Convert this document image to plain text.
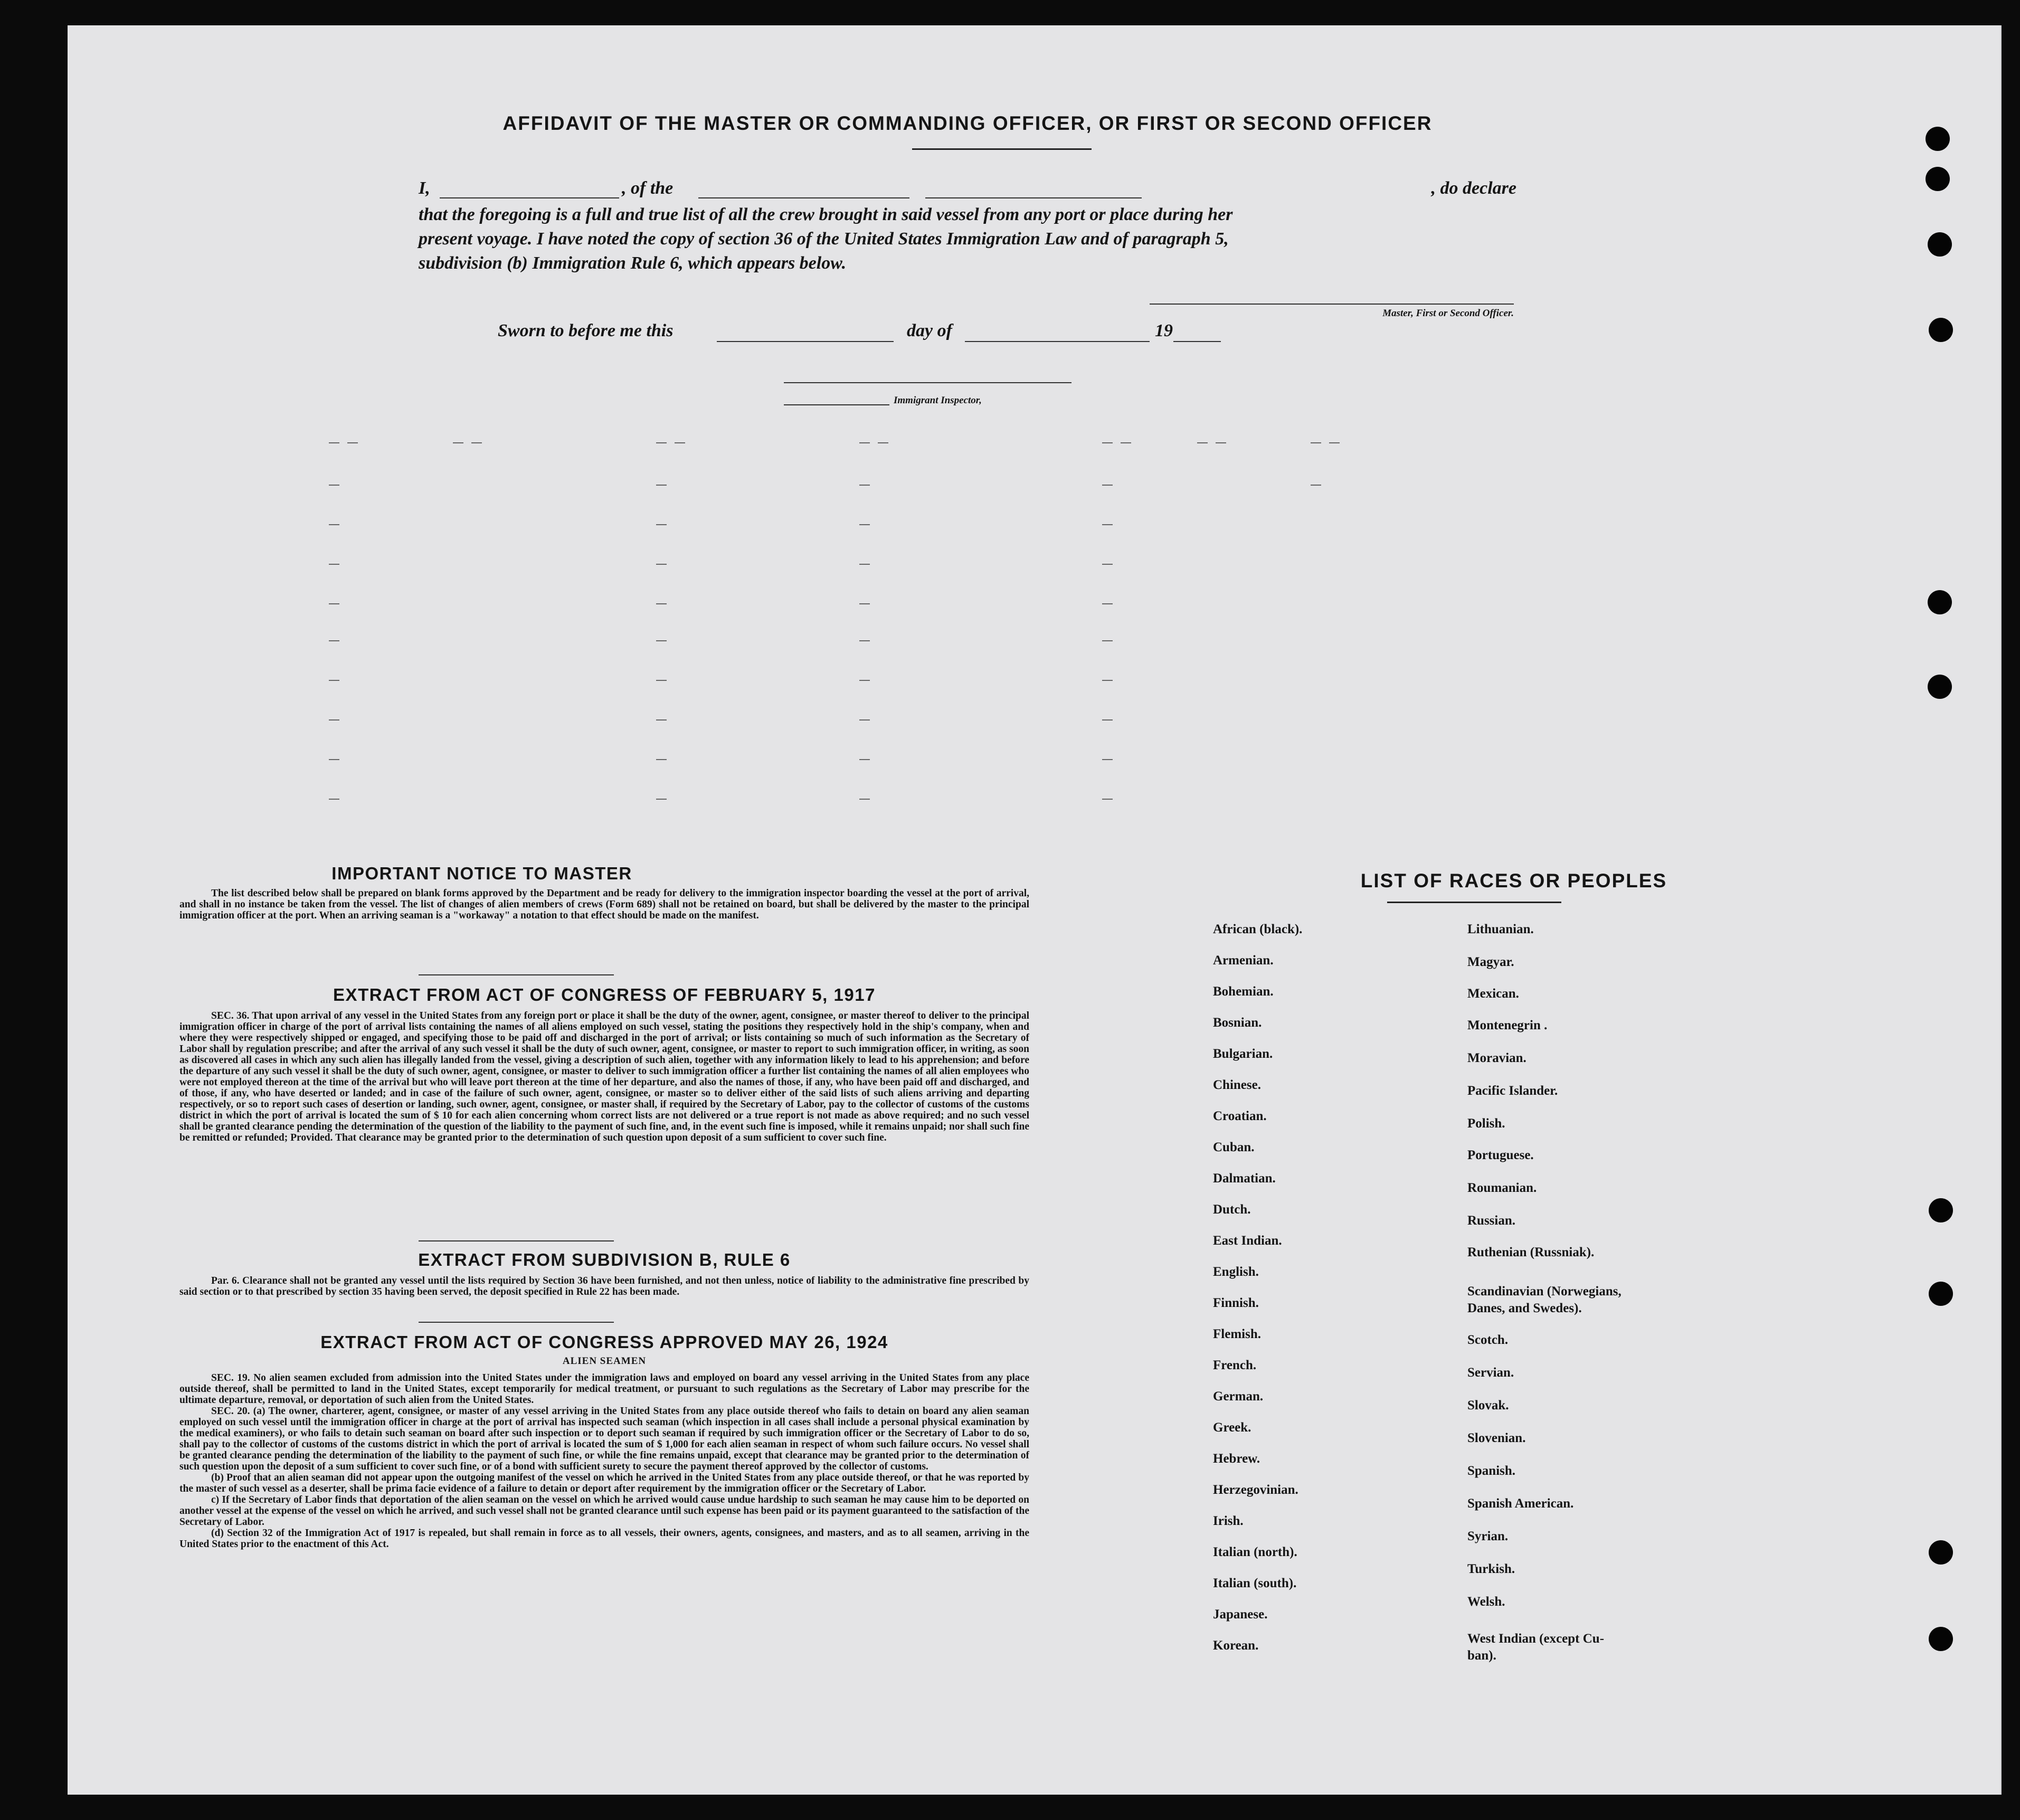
AFFIDAVIT OF THE MASTER OR COMMANDING OFFICER, OR FIRST OR SECOND OFFICER
I,	, of the	, do declare
that the foregoing is a full and true list of all the crew brought in said vessel from any port or place during her
present voyage. I have noted the copy of section 36 of the United States Immigration Law and of paragraph 5,
subdivision (b) Immigration Rule 6, which appears below.
Master, First or Second Officer.
Sworn to before me this	day of	19
Immigrant Inspector,
IMPORTANT NOTICE TO MASTER

The list described below shall be prepared on blank forms approved by the Department and be ready for delivery to the immigration inspector boarding the vessel at the port of arrival, and shall in no instance be taken from the vessel. The list of changes of alien members of crews (Form 689) shall not be retained on board, but shall be delivered by the master to the principal immigration officer at the port. When an arriving seaman is a "workaway" a notation to that effect should be made on the manifest.

EXTRACT FROM ACT OF CONGRESS OF FEBRUARY 5, 1917

SEC. 36. That upon arrival of any vessel in the United States from any foreign port or place it shall be the duty of the owner, agent, consignee, or master thereof to deliver to the principal immigration officer in charge of the port of arrival lists containing the names of all aliens employed on such vessel, stating the positions they respectively hold in the ship's company, when and where they were respectively shipped or engaged, and specifying those to be paid off and discharged in the port of arrival; or lists containing so much of such information as the Secretary of Labor shall by regulation prescribe; and after the arrival of any such vessel it shall be the duty of such owner, agent, consignee, or master to report to such immigration officer, in writing, as soon as discovered all cases in which any such alien has illegally landed from the vessel, giving a description of such alien, together with any information likely to lead to his apprehension; and before the departure of any such vessel it shall be the duty of such owner, agent, consignee, or master to deliver to such immigration officer a further list containing the names of all alien employees who were not employed thereon at the time of the arrival but who will leave port thereon at the time of her departure, and also the names of those, if any, who have been paid off and discharged, and of those, if any, who have deserted or landed; and in case of the failure of such owner, agent, consignee, or master so to deliver either of the said lists of such aliens arriving and departing respectively, or so to report such cases of desertion or landing, such owner, agent, consignee, or master shall, if required by the Secretary of Labor, pay to the collector of customs of the customs district in which the port of arrival is located the sum of $ 10 for each alien concerning whom correct lists are not delivered or a true report is not made as above required; and no such vessel shall be granted clearance pending the determination of the question of the liability to the payment of such fine, and, in the event such fine is imposed, while it remains unpaid; nor shall such fine be remitted or refunded; Provided. That clearance may be granted prior to the determination of such question upon deposit of a sum sufficient to cover such fine.

EXTRACT FROM SUBDIVISION B, RULE 6

Par. 6. Clearance shall not be granted any vessel until the lists required by Section 36 have been furnished, and not then unless, notice of liability to the administrative fine prescribed by said section or to that prescribed by section 35 having been served, the deposit specified in Rule 22 has been made.

EXTRACT FROM ACT OF CONGRESS APPROVED MAY 26, 1924
ALIEN SEAMEN

SEC. 19. No alien seamen excluded from admission into the United States under the immigration laws and employed on board any vessel arriving in the United States from any place outside thereof, shall be permitted to land in the United States, except temporarily for medical treatment, or pursuant to such regulations as the Secretary of Labor may prescribe for the ultimate departure, removal, or deportation of such alien from the United States.

SEC. 20. (a) The owner, charterer, agent, consignee, or master of any vessel arriving in the United States from any place outside thereof who fails to detain on board any alien seaman employed on such vessel until the immigration officer in charge at the port of arrival has inspected such seaman (which inspection in all cases shall include a personal physical examination by the medical examiners), or who fails to detain such seaman on board after such inspection or to deport such seaman if required by such immigration officer or the Secretary of Labor to do so, shall pay to the collector of customs of the customs district in which the port of arrival is located the sum of $ 1,000 for each alien seaman in respect of whom such failure occurs. No vessel shall be granted clearance pending the determination of the liability to the payment of such fine, or while the fine remains unpaid, except that clearance may be granted prior to the determination of such question upon the deposit of a sum sufficient to cover such fine, or of a bond with sufficient surety to secure the payment thereof approved by the collector of customs.

(b) Proof that an alien seaman did not appear upon the outgoing manifest of the vessel on which he arrived in the United States from any place outside thereof, or that he was reported by the master of such vessel as a deserter, shall be prima facie evidence of a failure to detain or deport after requirement by the immigration officer or the Secretary of Labor.

c) If the Secretary of Labor finds that deportation of the alien seaman on the vessel on which he arrived would cause undue hardship to such seaman he may cause him to be deported on another vessel at the expense of the vessel on which he arrived, and such vessel shall not be granted clearance until such expense has been paid or its payment guaranteed to the satisfaction of the Secretary of Labor.

(d) Section 32 of the Immigration Act of 1917 is repealed, but shall remain in force as to all vessels, their owners, agents, consignees, and masters, and as to all seamen, arriving in the United States prior to the enactment of this Act.

LIST OF RACES OR PEOPLES
African (black).
Armenian.
Bohemian.
Bosnian.
Bulgarian.
Chinese.
Croatian.
Cuban.
Dalmatian.
Dutch.
East Indian.
English.
Finnish.
Flemish.
French.
German.
Greek.
Hebrew.
Herzegovinian.
Irish.
Italian (north).
Italian (south).
Japanese.
Korean.
Lithuanian.
Magyar.
Mexican.
Montenegrin .
Moravian.
Pacific Islander.
Polish.
Portuguese.
Roumanian.
Russian.
Ruthenian (Russniak).
Scandinavian (Norwegians,
Danes, and Swedes).
Scotch.
Servian.
Slovak.
Slovenian.
Spanish.
Spanish American.
Syrian.
Turkish.
Welsh.
West Indian (except Cu-
ban).
